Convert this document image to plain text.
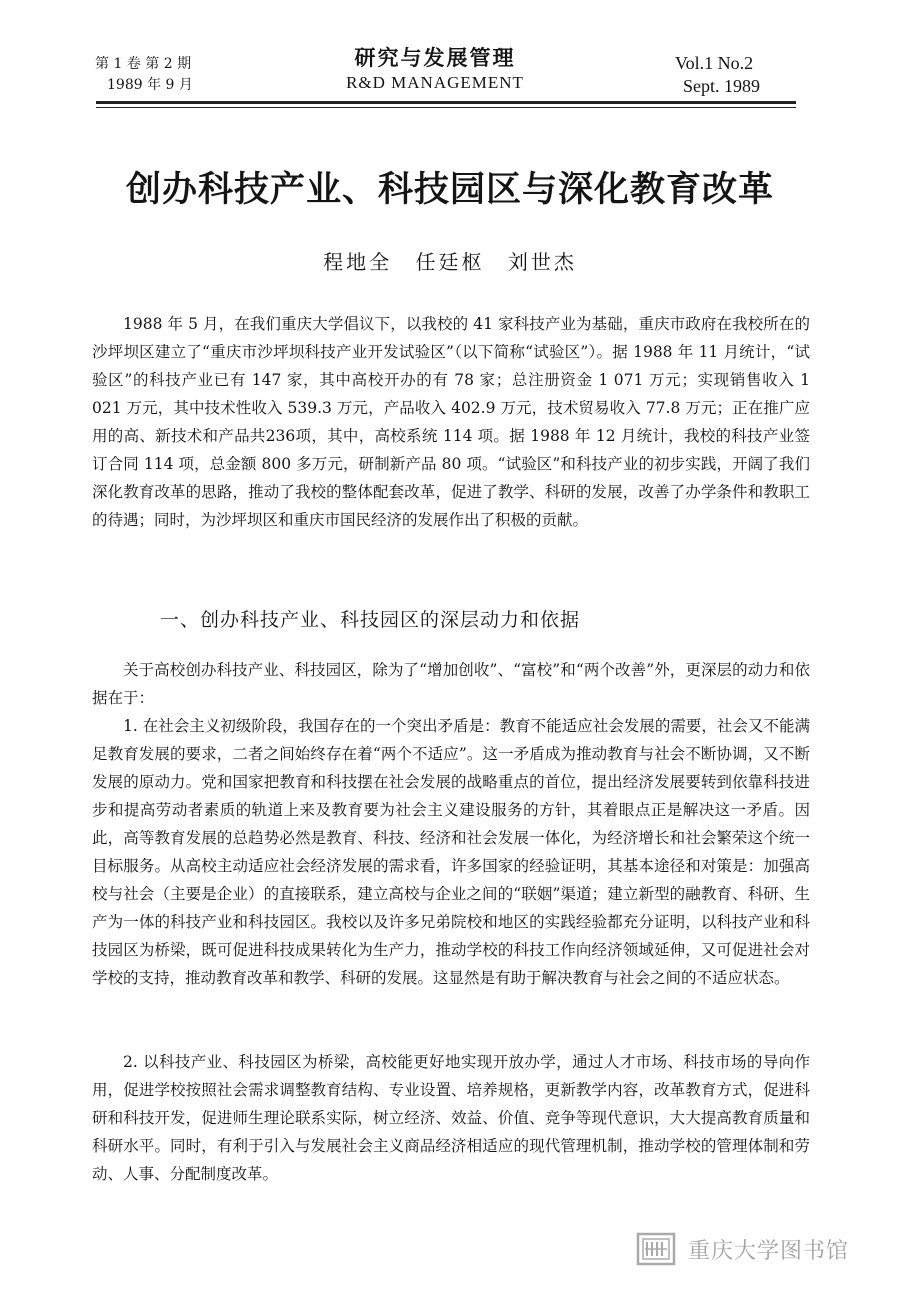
第 1 卷 第 2 期
1989 年 9 月
研究与发展管理
R&D MANAGEMENT
Vol.1 No.2
Sept. 1989
创办科技产业、科技园区与深化教育改革
程地全 任廷枢 刘世杰

1988 年 5 月，在我们重庆大学倡议下，以我校的 41 家科技产业为基础，重庆市政府在我校所在的沙坪坝区建立了“重庆市沙坪坝科技产业开发试验区”（以下简称“试验区”）。据 1988 年 11 月统计，“试验区”的科技产业已有 147 家，其中高校开办的有 78 家；总注册资金 1 071 万元；实现销售收入 1 021 万元，其中技术性收入 539.3 万元，产品收入 402.9 万元，技术贸易收入 77.8 万元；正在推广应用的高、新技术和产品共236项，其中，高校系统 114 项。据 1988 年 12 月统计，我校的科技产业签订合同 114 项，总金额 800 多万元，研制新产品 80 项。“试验区”和科技产业的初步实践，开阔了我们深化教育改革的思路，推动了我校的整体配套改革，促进了教学、科研的发展，改善了办学条件和教职工的待遇；同时，为沙坪坝区和重庆市国民经济的发展作出了积极的贡献。

一、创办科技产业、科技园区的深层动力和依据

关于高校创办科技产业、科技园区，除为了“增加创收”、“富校”和“两个改善”外，更深层的动力和依据在于：

1. 在社会主义初级阶段，我国存在的一个突出矛盾是：教育不能适应社会发展的需要，社会又不能满足教育发展的要求，二者之间始终存在着“两个不适应”。这一矛盾成为推动教育与社会不断协调，又不断发展的原动力。党和国家把教育和科技摆在社会发展的战略重点的首位，提出经济发展要转到依靠科技进步和提高劳动者素质的轨道上来及教育要为社会主义建设服务的方针，其着眼点正是解决这一矛盾。因此，高等教育发展的总趋势必然是教育、科技、经济和社会发展一体化，为经济增长和社会繁荣这个统一目标服务。从高校主动适应社会经济发展的需求看，许多国家的经验证明，其基本途径和对策是：加强高校与社会（主要是企业）的直接联系，建立高校与企业之间的“联姻”渠道；建立新型的融教育、科研、生产为一体的科技产业和科技园区。我校以及许多兄弟院校和地区的实践经验都充分证明，以科技产业和科技园区为桥梁，既可促进科技成果转化为生产力，推动学校的科技工作向经济领域延伸，又可促进社会对学校的支持，推动教育改革和教学、科研的发展。这显然是有助于解决教育与社会之间的不适应状态。

2. 以科技产业、科技园区为桥梁，高校能更好地实现开放办学，通过人才市场、科技市场的导向作用，促进学校按照社会需求调整教育结构、专业设置、培养规格，更新教学内容，改革教育方式，促进科研和科技开发，促进师生理论联系实际，树立经济、效益、价值、竞争等现代意识，大大提高教育质量和科研水平。同时，有利于引入与发展社会主义商品经济相适应的现代管理机制，推动学校的管理体制和劳动、人事、分配制度改革。

重庆大学图书馆
